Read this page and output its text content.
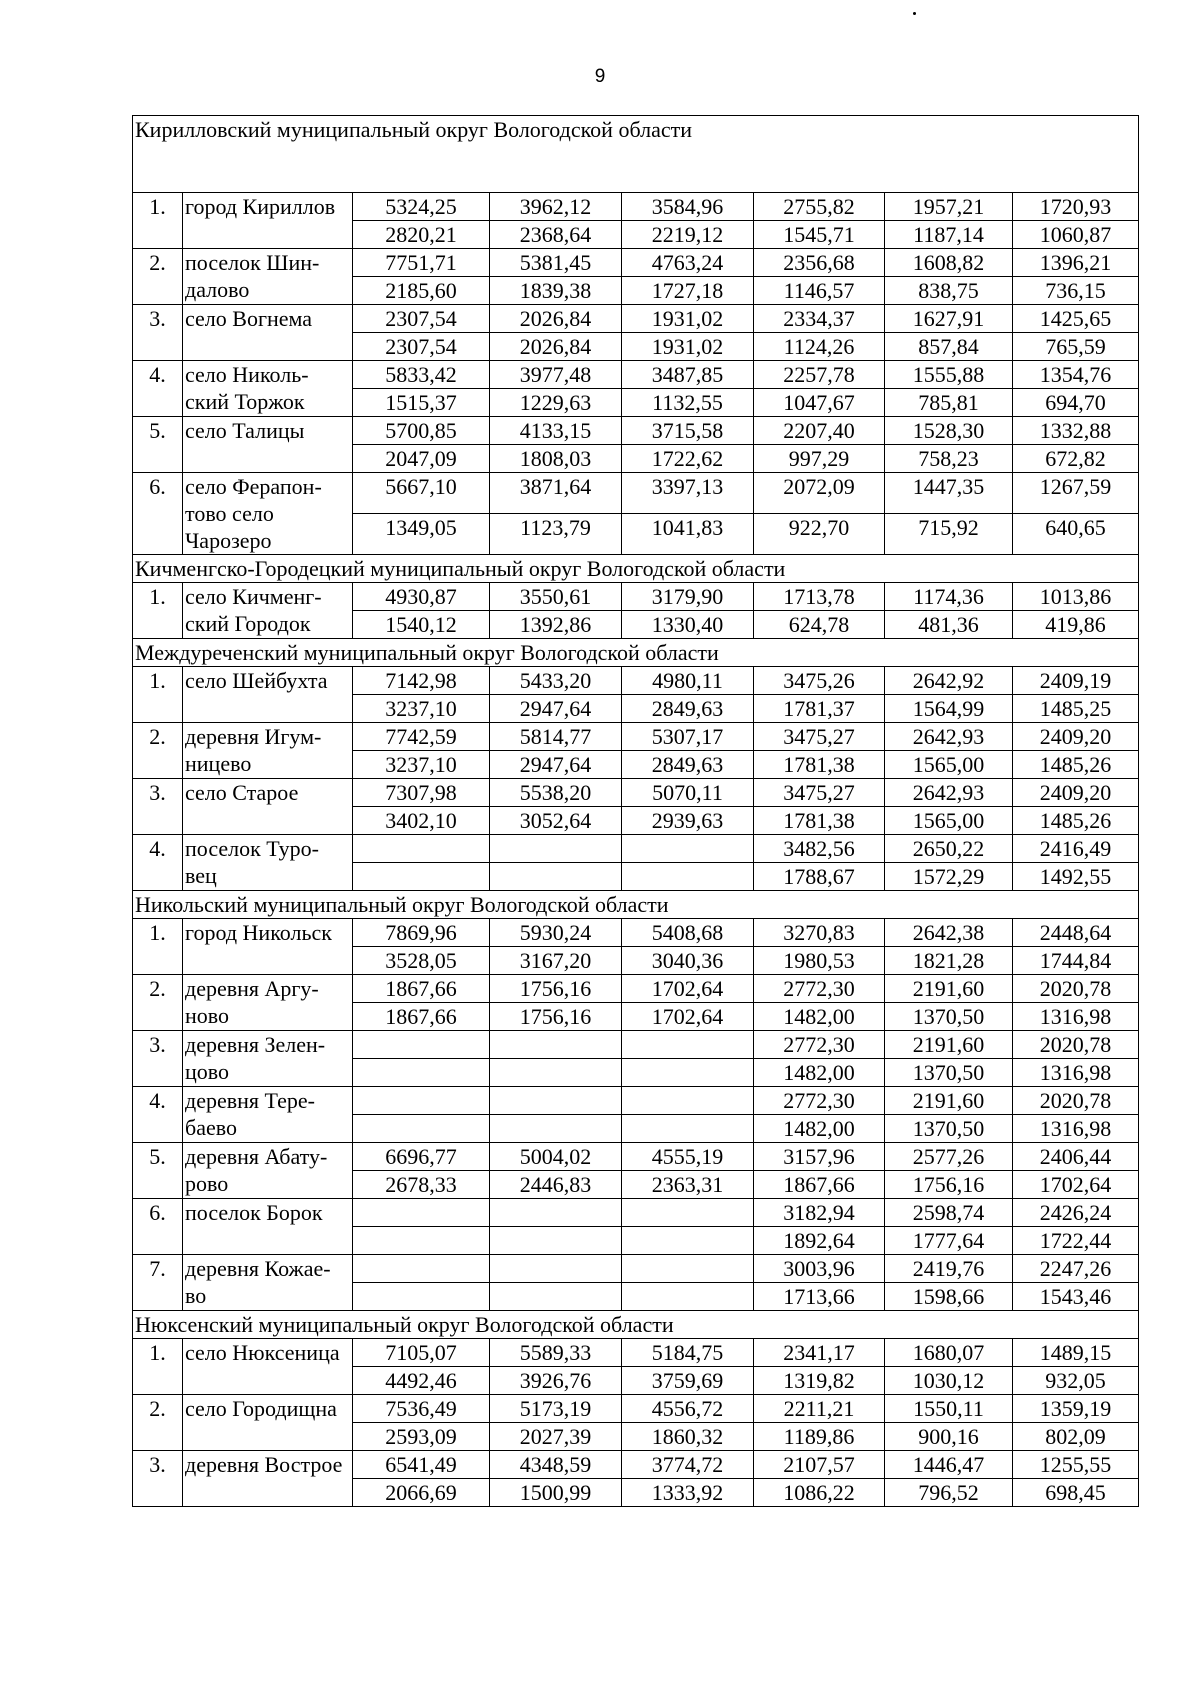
9
Кирилловский муниципальный округ Вологодской области							
1.	город Кириллов	5324,25	3962,12	3584,96	2755,82	1957,21	1720,93
		2820,21	2368,64	2219,12	1545,71	1187,14	1060,87
2.	поселок Шин-далово	7751,71	5381,45	4763,24	2356,68	1608,82	1396,21
		2185,60	1839,38	1727,18	1146,57	838,75	736,15
3.	село Вогнема	2307,54	2026,84	1931,02	2334,37	1627,91	1425,65
		2307,54	2026,84	1931,02	1124,26	857,84	765,59
4.	село Николь-ский Торжок	5833,42	3977,48	3487,85	2257,78	1555,88	1354,76
		1515,37	1229,63	1132,55	1047,67	785,81	694,70
5.	село Талицы	5700,85	4133,15	3715,58	2207,40	1528,30	1332,88
		2047,09	1808,03	1722,62	997,29	758,23	672,82
6.	село Ферапон-тово село Чарозеро	5667,10	3871,64	3397,13	2072,09	1447,35	1267,59
		1349,05	1123,79	1041,83	922,70	715,92	640,65
Кичменгско-Городецкий муниципальный округ Вологодской области							
1.	село Кичменг-ский Городок	4930,87	3550,61	3179,90	1713,78	1174,36	1013,86
		1540,12	1392,86	1330,40	624,78	481,36	419,86
Междуреченский муниципальный округ Вологодской области							
1.	село Шейбухта	7142,98	5433,20	4980,11	3475,26	2642,92	2409,19
		3237,10	2947,64	2849,63	1781,37	1564,99	1485,25
2.	деревня Игум-ницево	7742,59	5814,77	5307,17	3475,27	2642,93	2409,20
		3237,10	2947,64	2849,63	1781,38	1565,00	1485,26
3.	село Старое	7307,98	5538,20	5070,11	3475,27	2642,93	2409,20
		3402,10	3052,64	2939,63	1781,38	1565,00	1485,26
4.	поселок Туро-вец				3482,56	2650,22	2416,49
					1788,67	1572,29	1492,55
Никольский муниципальный округ Вологодской области							
1.	город Никольск	7869,96	5930,24	5408,68	3270,83	2642,38	2448,64
		3528,05	3167,20	3040,36	1980,53	1821,28	1744,84
2.	деревня Аргу-ново	1867,66	1756,16	1702,64	2772,30	2191,60	2020,78
		1867,66	1756,16	1702,64	1482,00	1370,50	1316,98
3.	деревня Зелен-цово				2772,30	2191,60	2020,78
					1482,00	1370,50	1316,98
4.	деревня Тере-баево				2772,30	2191,60	2020,78
					1482,00	1370,50	1316,98
5.	деревня Абату-рово	6696,77	5004,02	4555,19	3157,96	2577,26	2406,44
		2678,33	2446,83	2363,31	1867,66	1756,16	1702,64
6.	поселок Борок				3182,94	2598,74	2426,24
					1892,64	1777,64	1722,44
7.	деревня Кожае-во				3003,96	2419,76	2247,26
					1713,66	1598,66	1543,46
Нюксенский муниципальный округ Вологодской области							
1.	село Нюксеница	7105,07	5589,33	5184,75	2341,17	1680,07	1489,15
		4492,46	3926,76	3759,69	1319,82	1030,12	932,05
2.	село Городищна	7536,49	5173,19	4556,72	2211,21	1550,11	1359,19
		2593,09	2027,39	1860,32	1189,86	900,16	802,09
3.	деревня Вострое	6541,49	4348,59	3774,72	2107,57	1446,47	1255,55
		2066,69	1500,99	1333,92	1086,22	796,52	698,45
